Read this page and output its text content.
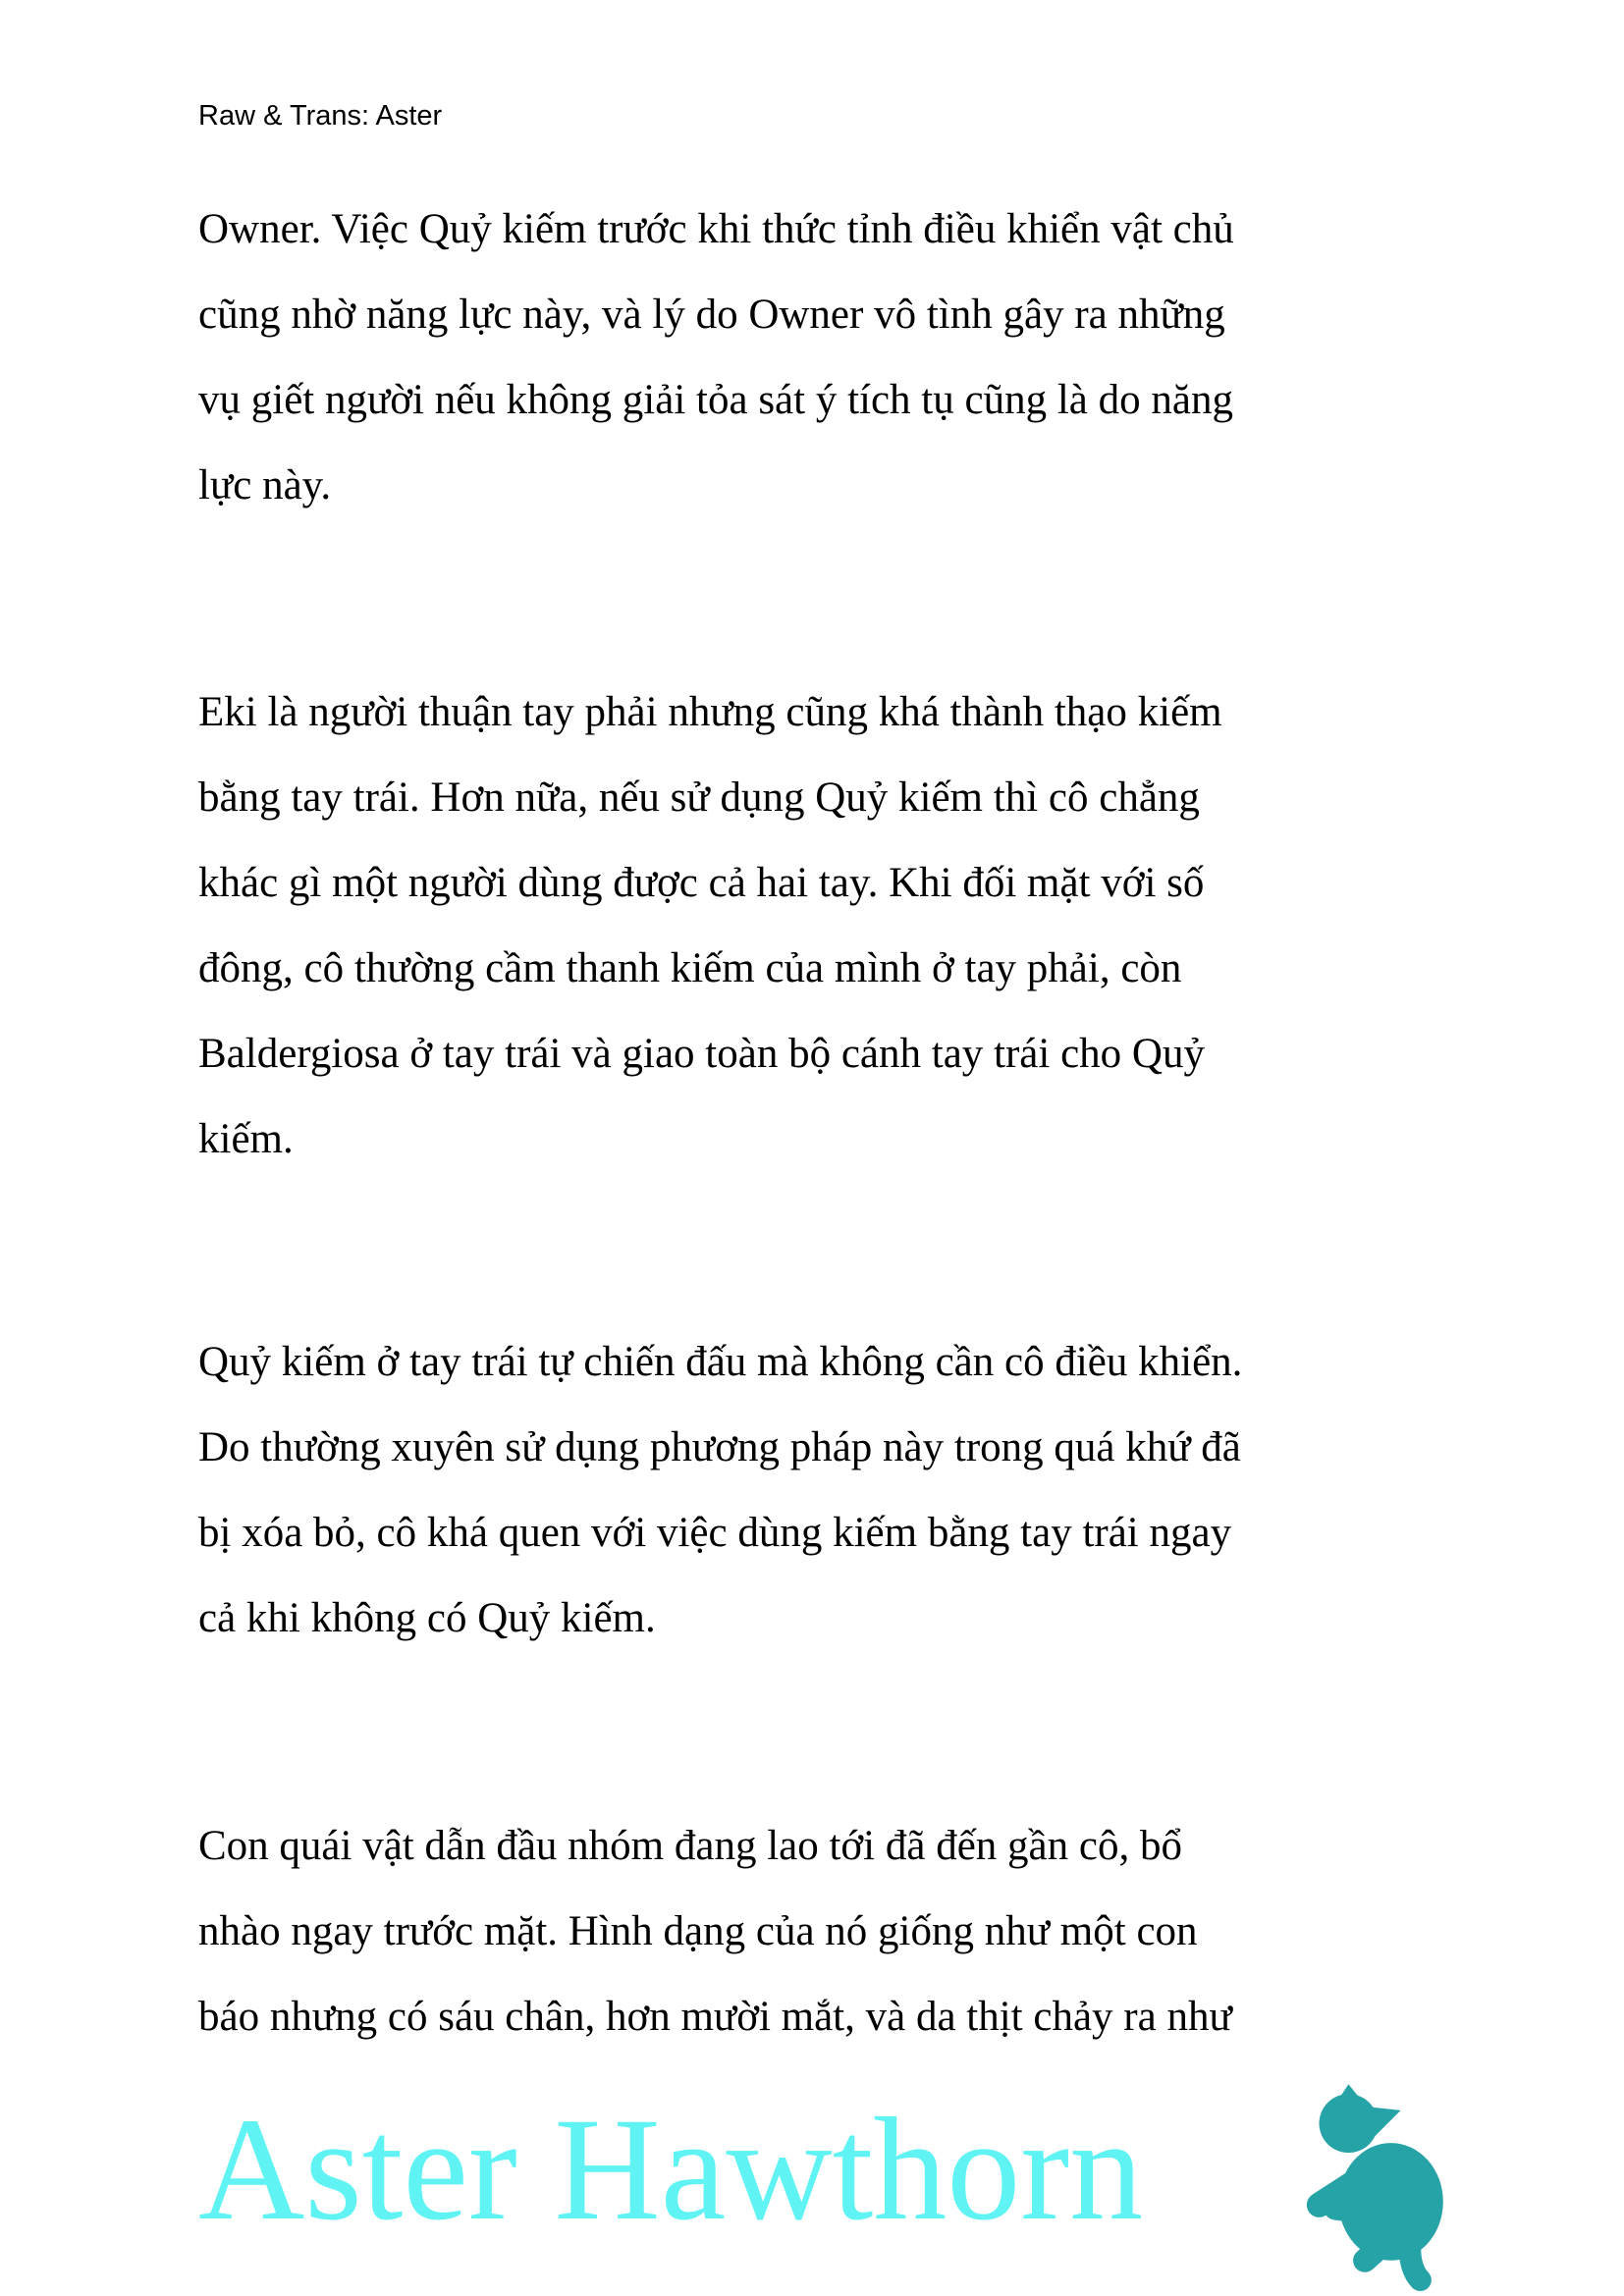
Raw & Trans: Aster
Owner. Việc Quỷ kiếm trước khi thức tỉnh điều khiển vật chủ
cũng nhờ năng lực này, và lý do Owner vô tình gây ra những
vụ giết người nếu không giải tỏa sát ý tích tụ cũng là do năng
lực này.
Eki là người thuận tay phải nhưng cũng khá thành thạo kiếm
bằng tay trái. Hơn nữa, nếu sử dụng Quỷ kiếm thì cô chẳng
khác gì một người dùng được cả hai tay. Khi đối mặt với số
đông, cô thường cầm thanh kiếm của mình ở tay phải, còn
Baldergiosa ở tay trái và giao toàn bộ cánh tay trái cho Quỷ
kiếm.
Quỷ kiếm ở tay trái tự chiến đấu mà không cần cô điều khiển.
Do thường xuyên sử dụng phương pháp này trong quá khứ đã
bị xóa bỏ, cô khá quen với việc dùng kiếm bằng tay trái ngay
cả khi không có Quỷ kiếm.
Con quái vật dẫn đầu nhóm đang lao tới đã đến gần cô, bổ
nhào ngay trước mặt. Hình dạng của nó giống như một con
báo nhưng có sáu chân, hơn mười mắt, và da thịt chảy ra như
Aster Hawthorn
